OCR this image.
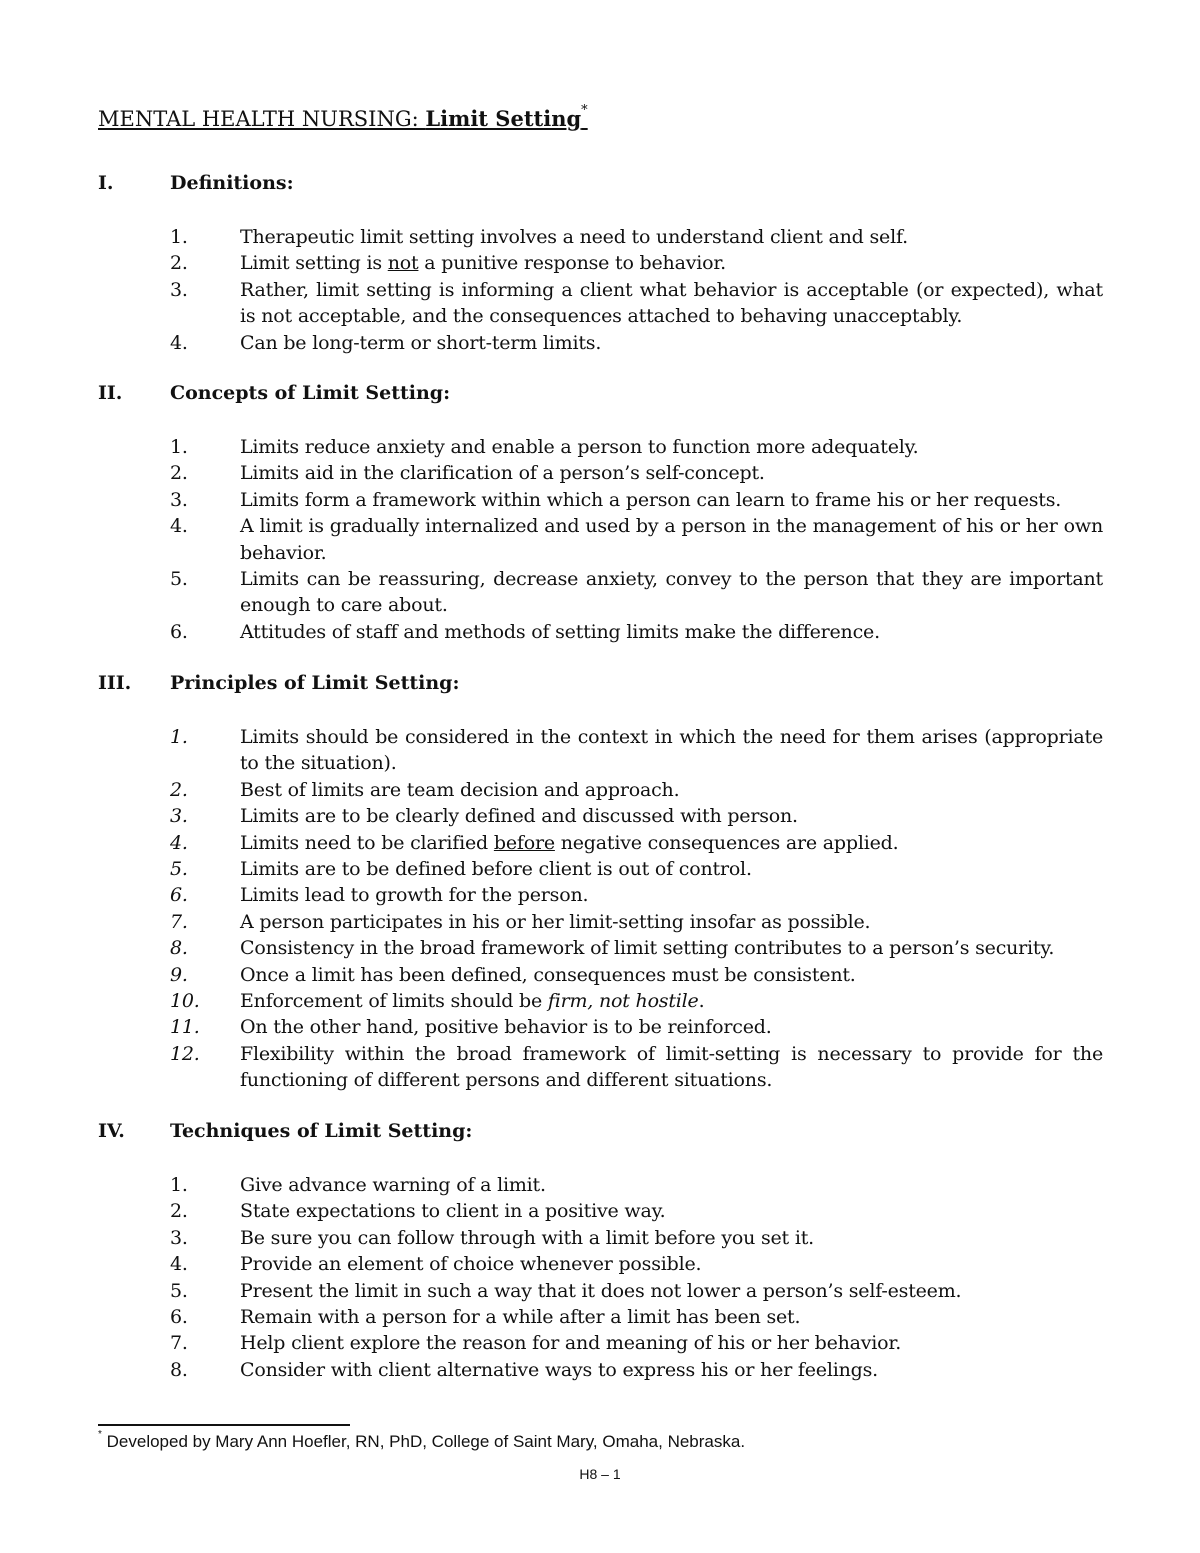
MENTAL HEALTH NURSING: Limit Setting*
I.	Definitions:
1.	Therapeutic limit setting involves a need to understand client and self.
2.	Limit setting is not a punitive response to behavior.
3.	Rather, limit setting is informing a client what behavior is acceptable (or expected), what is not acceptable, and the consequences attached to behaving unacceptably.
4.	Can be long-term or short-term limits.
II.	Concepts of Limit Setting:
1.	Limits reduce anxiety and enable a person to function more adequately.
2.	Limits aid in the clarification of a person’s self-concept.
3.	Limits form a framework within which a person can learn to frame his or her requests.
4.	A limit is gradually internalized and used by a person in the management of his or her own behavior.
5.	Limits can be reassuring, decrease anxiety, convey to the person that they are important enough to care about.
6.	Attitudes of staff and methods of setting limits make the difference.
III. Principles of Limit Setting:
1.	Limits should be considered in the context in which the need for them arises (appropriate to the situation).
2.	Best of limits are team decision and approach.
3.	Limits are to be clearly defined and discussed with person.
4.	Limits need to be clarified before negative consequences are applied.
5.	Limits are to be defined before client is out of control.
6.	Limits lead to growth for the person.
7.	A person participates in his or her limit-setting insofar as possible.
8.	Consistency in the broad framework of limit setting contributes to a person’s security.
9.	Once a limit has been defined, consequences must be consistent.
10. Enforcement of limits should be firm, not hostile.
11. On the other hand, positive behavior is to be reinforced.
12. Flexibility within the broad framework of limit-setting is necessary to provide for the functioning of different persons and different situations.
IV. Techniques of Limit Setting:
1.	Give advance warning of a limit.
2.	State expectations to client in a positive way.
3.	Be sure you can follow through with a limit before you set it.
4.	Provide an element of choice whenever possible.
5.	Present the limit in such a way that it does not lower a person’s self-esteem.
6.	Remain with a person for a while after a limit has been set.
7.	Help client explore the reason for and meaning of his or her behavior.
8.	Consider with client alternative ways to express his or her feelings.
* Developed by Mary Ann Hoefler, RN, PhD, College of Saint Mary, Omaha, Nebraska.
H8 – 1
